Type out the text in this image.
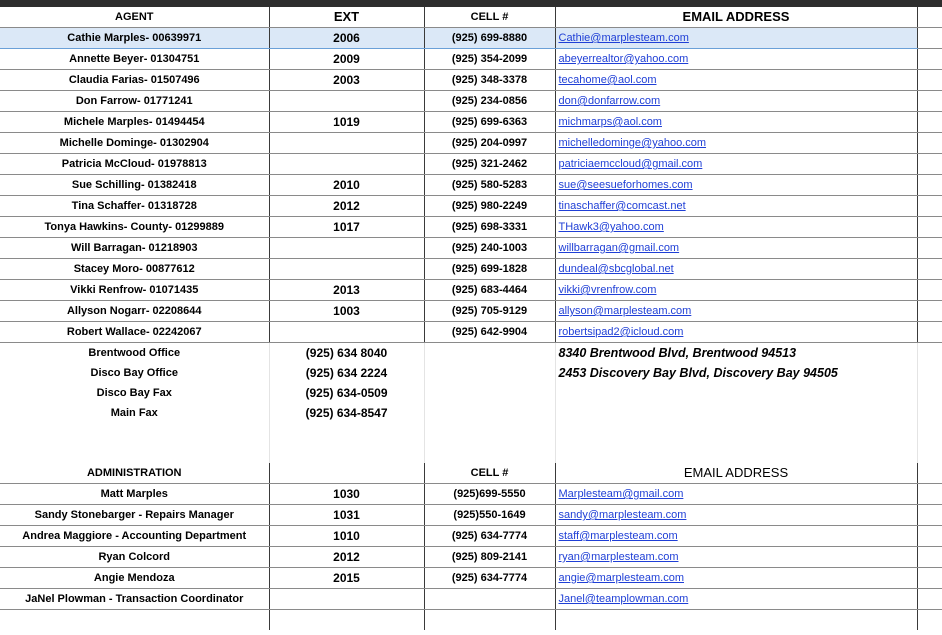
AGENT	EXT	CELL #	EMAIL ADDRESS	
Cathie Marples- 00639971	2006	(925) 699-8880	Cathie@marplesteam.com	
Annette Beyer- 01304751	2009	(925) 354-2099	abeyerrealtor@yahoo.com	
Claudia Farias- 01507496	2003	(925) 348-3378	tecahome@aol.com	
Don Farrow- 01771241		(925) 234-0856	don@donfarrow.com	
Michele Marples- 01494454	1019	(925) 699-6363	michmarps@aol.com	
Michelle Dominge- 01302904		(925) 204-0997	michelledominge@yahoo.com	
Patricia McCloud- 01978813		(925) 321-2462	patriciaemccloud@gmail.com	
Sue Schilling- 01382418	2010	(925) 580-5283	sue@seesueforhomes.com	
Tina Schaffer- 01318728	2012	(925) 980-2249	tinaschaffer@comcast.net	
Tonya Hawkins- County- 01299889	1017	(925) 698-3331	THawk3@yahoo.com	
Will Barragan- 01218903		(925) 240-1003	willbarragan@gmail.com	
Stacey Moro- 00877612		(925) 699-1828	dundeal@sbcglobal.net	
Vikki Renfrow- 01071435	2013	(925) 683-4464	vikki@vrenfrow.com	
Allyson Nogarr- 02208644	1003	(925) 705-9129	allyson@marplesteam.com	
Robert Wallace- 02242067		(925) 642-9904	robertsipad2@icloud.com	
Brentwood Office	(925) 634 8040		8340 Brentwood Blvd, Brentwood 94513	
Disco Bay Office	(925) 634 2224		2453 Discovery Bay Blvd, Discovery Bay 94505	
Disco Bay Fax	(925) 634-0509			
Main Fax	(925) 634-8547			

ADMINISTRATION		CELL #	EMAIL ADDRESS	
Matt Marples	1030	(925)699-5550	Marplesteam@gmail.com	
Sandy Stonebarger - Repairs Manager	1031	(925)550-1649	sandy@marplesteam.com	
Andrea Maggiore - Accounting Department	1010	(925) 634-7774	staff@marplesteam.com	
Ryan Colcord	2012	(925) 809-2141	ryan@marplesteam.com	
Angie Mendoza	2015	(925) 634-7774	angie@marplesteam.com	
JaNel Plowman - Transaction Coordinator			Janel@teamplowman.com	
